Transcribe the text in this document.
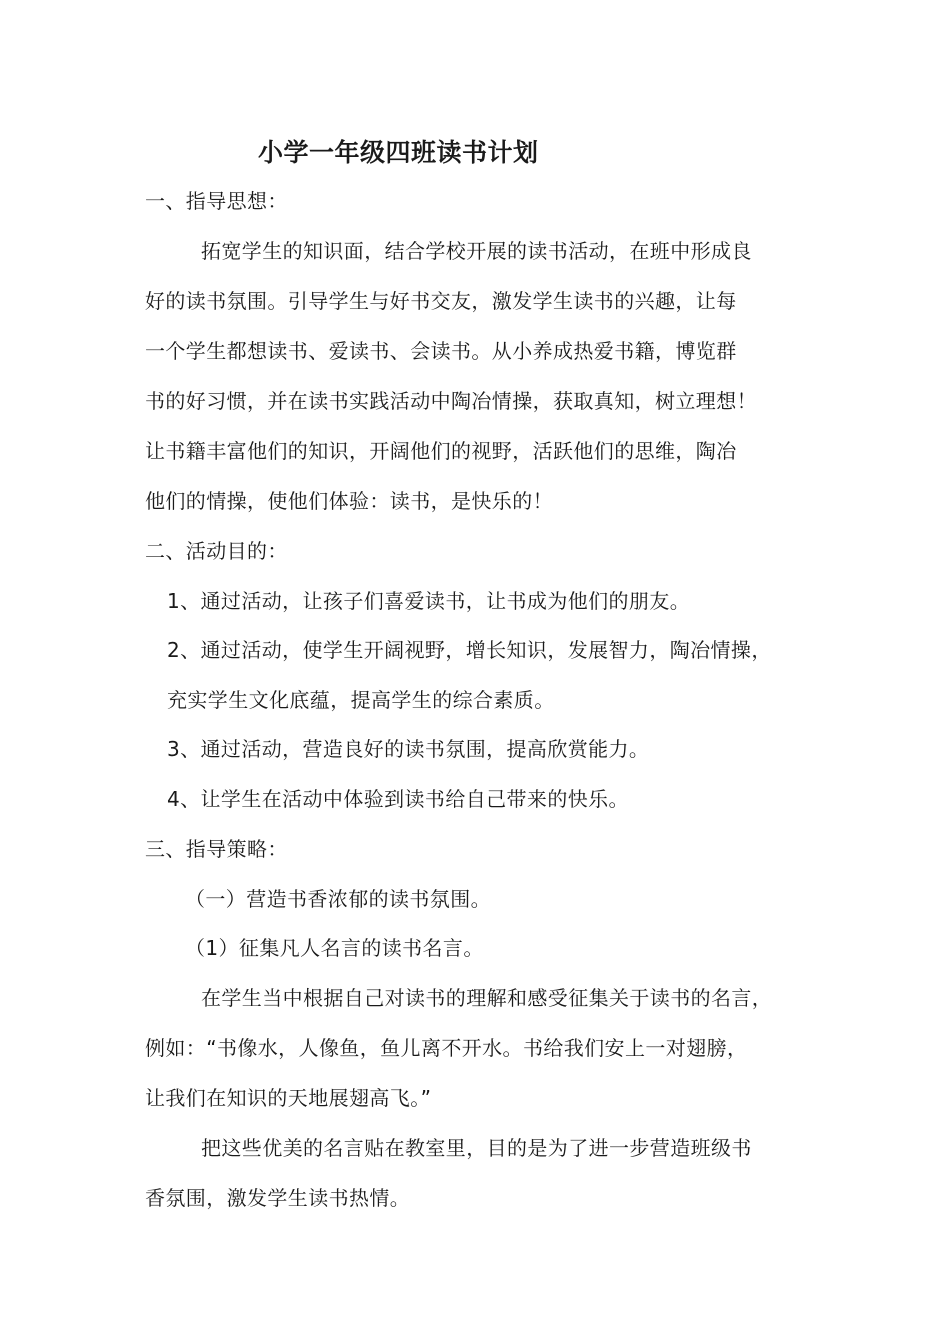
小学一年级四班读书计划
一、指导思想：
拓宽学生的知识面，结合学校开展的读书活动，在班中形成良
好的读书氛围。引导学生与好书交友，激发学生读书的兴趣，让每
一个学生都想读书、爱读书、会读书。从小养成热爱书籍，博览群
书的好习惯，并在读书实践活动中陶冶情操，获取真知，树立理想！
让书籍丰富他们的知识，开阔他们的视野，活跃他们的思维，陶冶
他们的情操，使他们体验：读书，是快乐的！
二、活动目的：
1、通过活动，让孩子们喜爱读书，让书成为他们的朋友。
2、通过活动，使学生开阔视野，增长知识，发展智力，陶冶情操，
充实学生文化底蕴，提高学生的综合素质。
3、通过活动，营造良好的读书氛围，提高欣赏能力。
4、让学生在活动中体验到读书给自己带来的快乐。
三、指导策略：
（一）营造书香浓郁的读书氛围。
（1）征集凡人名言的读书名言。
在学生当中根据自己对读书的理解和感受征集关于读书的名言，
例如：“书像水，人像鱼，鱼儿离不开水。书给我们安上一对翅膀，
让我们在知识的天地展翅高飞。”
把这些优美的名言贴在教室里，目的是为了进一步营造班级书
香氛围，激发学生读书热情。
